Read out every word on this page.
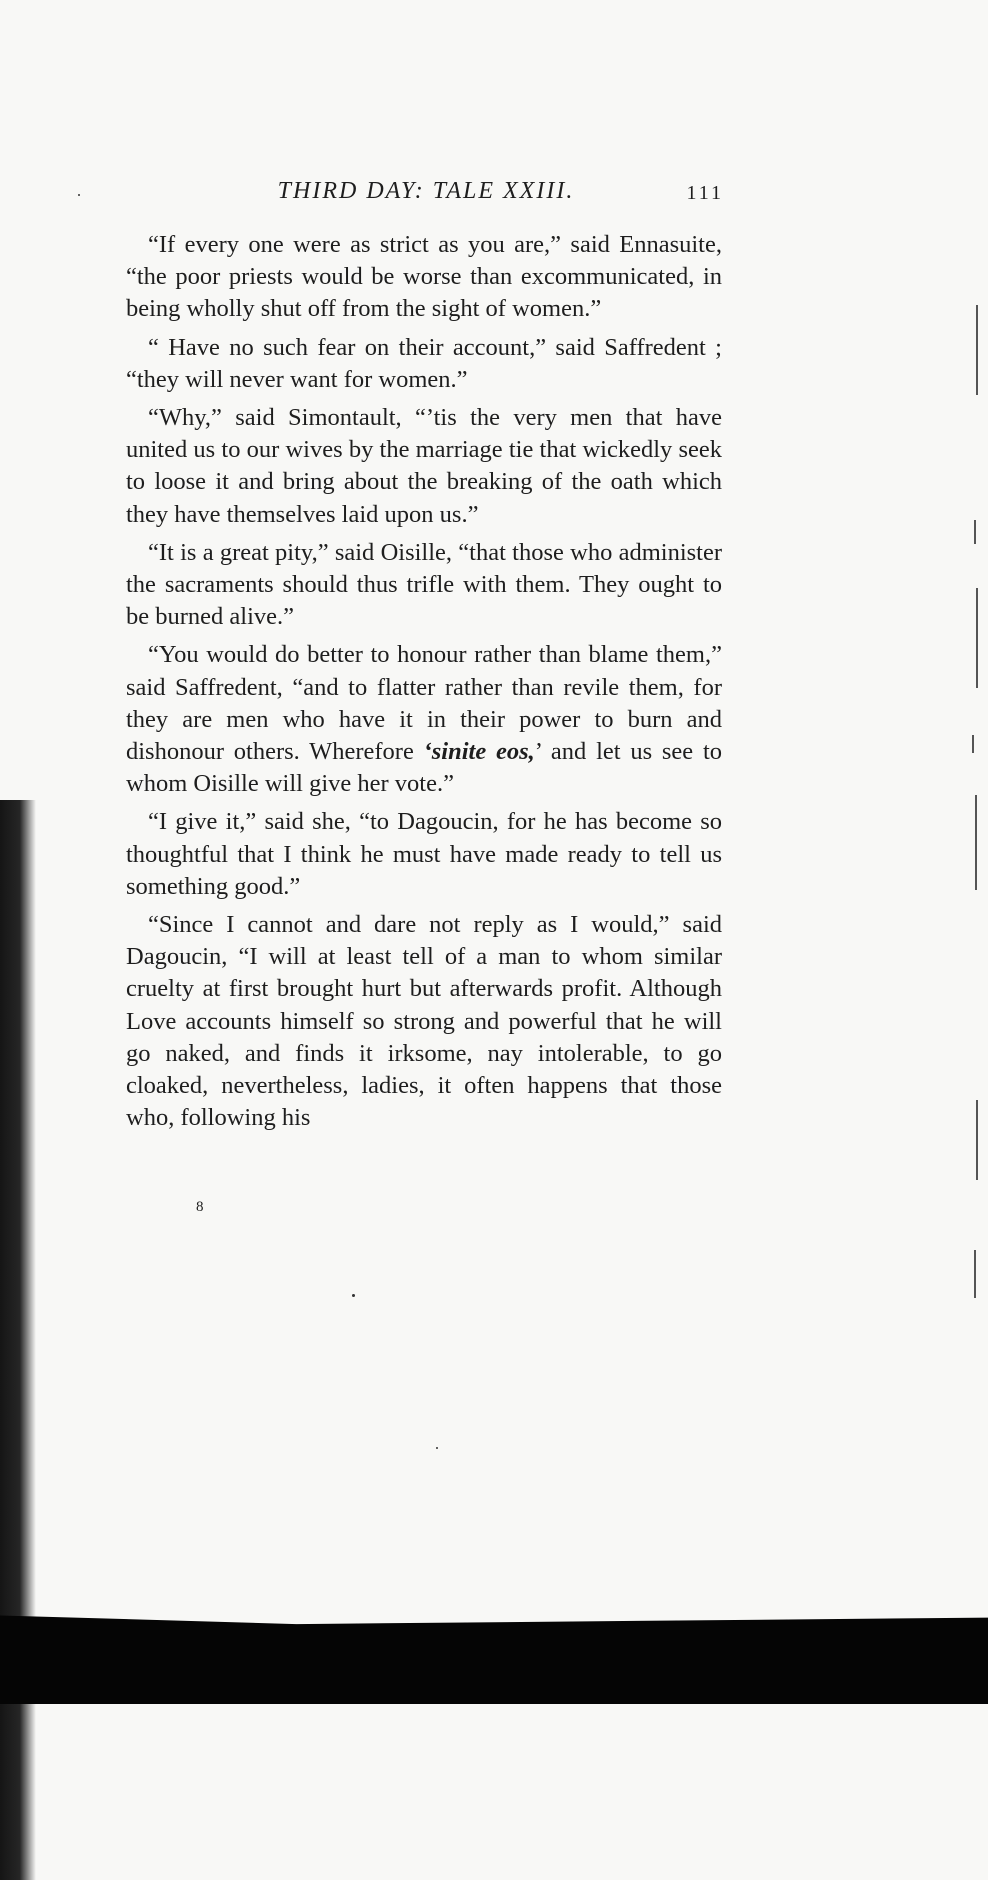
THIRD DAY: TALE XXIII.	111

“If every one were as strict as you are,” said Ennasuite, “the poor priests would be worse than excommunicated, in being wholly shut off from the sight of women.”

“ Have no such fear on their account,” said Saffredent ; “they will never want for women.”

“Why,” said Simontault, “’tis the very men that have united us to our wives by the marriage tie that wickedly seek to loose it and bring about the breaking of the oath which they have themselves laid upon us.”

“It is a great pity,” said Oisille, “that those who administer the sacraments should thus trifle with them. They ought to be burned alive.”

“You would do better to honour rather than blame them,” said Saffredent, “and to flatter rather than revile them, for they are men who have it in their power to burn and dishonour others. Wherefore ‘sinite eos,’ and let us see to whom Oisille will give her vote.”

“I give it,” said she, “to Dagoucin, for he has become so thoughtful that I think he must have made ready to tell us something good.”

“Since I cannot and dare not reply as I would,” said Dagoucin, “I will at least tell of a man to whom similar cruelty at first brought hurt but afterwards profit. Although Love accounts himself so strong and powerful that he will go naked, and finds it irksome, nay intolerable, to go cloaked, nevertheless, ladies, it often happens that those who, following his

8
